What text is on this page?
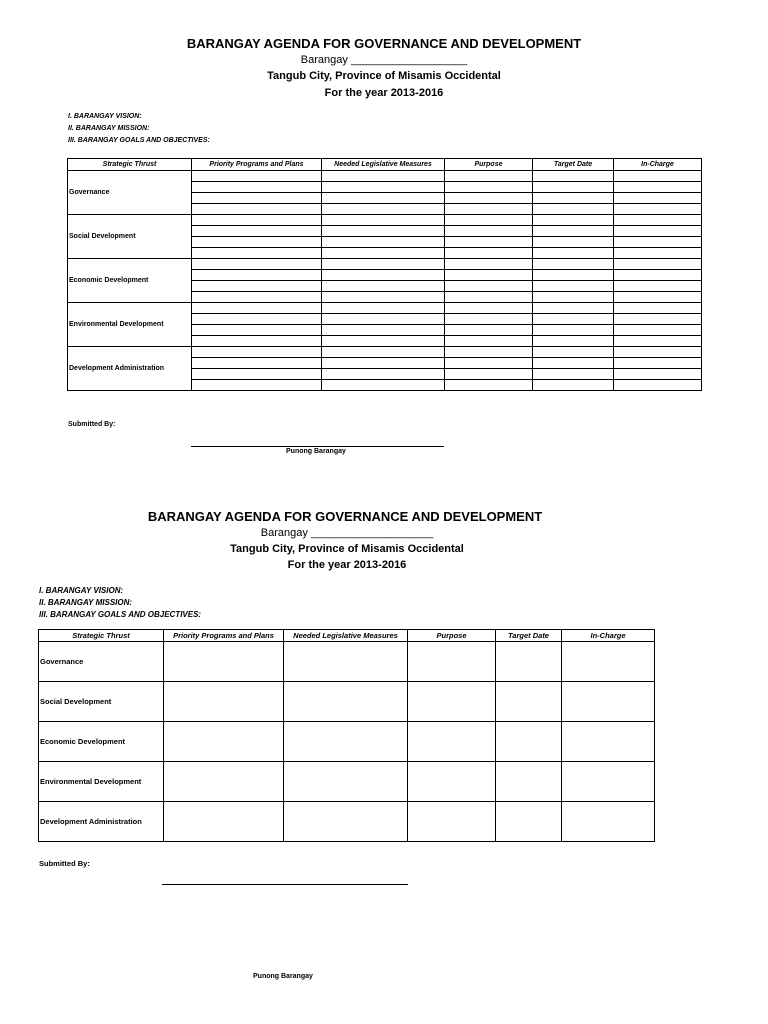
BARANGAY AGENDA FOR GOVERNANCE AND DEVELOPMENT
Barangay ___________________
Tangub City, Province of Misamis Occidental
For the year 2013-2016
I. BARANGAY VISION:
II. BARANGAY MISSION:
III. BARANGAY GOALS AND OBJECTIVES:
Strategic Thrust	Priority Programs and Plans	Needed Legislative Measures	Purpose	Target Date	In-Charge
Governance					

Social Development					

Economic Development					

Environmental Development					

Development Administration					

Submitted By:
Punong Barangay
BARANGAY AGENDA FOR GOVERNANCE AND DEVELOPMENT
Barangay ____________________
Tangub City, Province of Misamis Occidental
For the year 2013-2016
I. BARANGAY VISION:
II. BARANGAY MISSION:
III. BARANGAY GOALS AND OBJECTIVES:
Strategic Thrust	Priority Programs and Plans	Needed Legislative Measures	Purpose	Target Date	In-Charge
Governance					
Social Development					
Economic Development					
Environmental Development					
Development Administration					
Submitted By:
Punong Barangay
